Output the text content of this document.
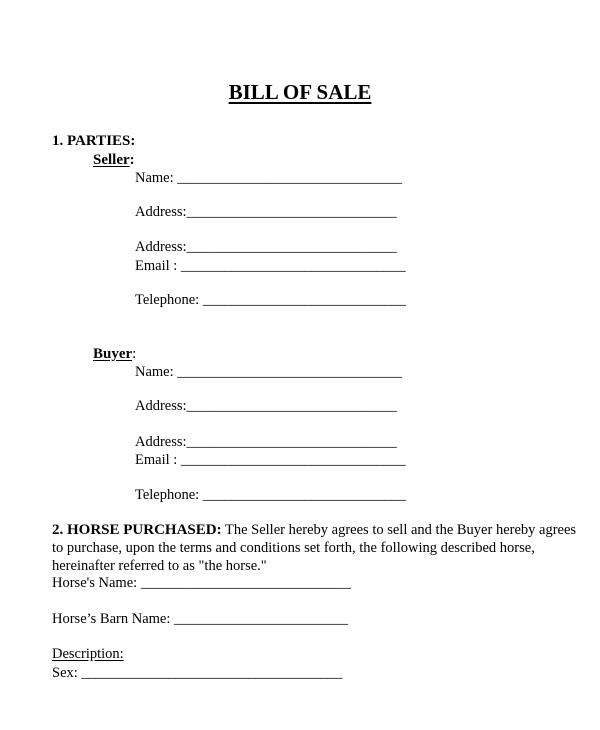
BILL OF SALE
1. PARTIES:
Seller:
Name: _______________________________
Address:_____________________________
Address:_____________________________
Email : _______________________________
Telephone: ____________________________
Buyer:
Name: _______________________________
Address:_____________________________
Address:_____________________________
Email : _______________________________
Telephone: ____________________________
2. HORSE PURCHASED: The Seller hereby agrees to sell and the Buyer hereby agrees
to purchase, upon the terms and conditions set forth, the following described horse,
hereinafter referred to as "the horse."
Horse's Name: _____________________________
Horse’s Barn Name: ________________________
Description:
Sex: ____________________________________
